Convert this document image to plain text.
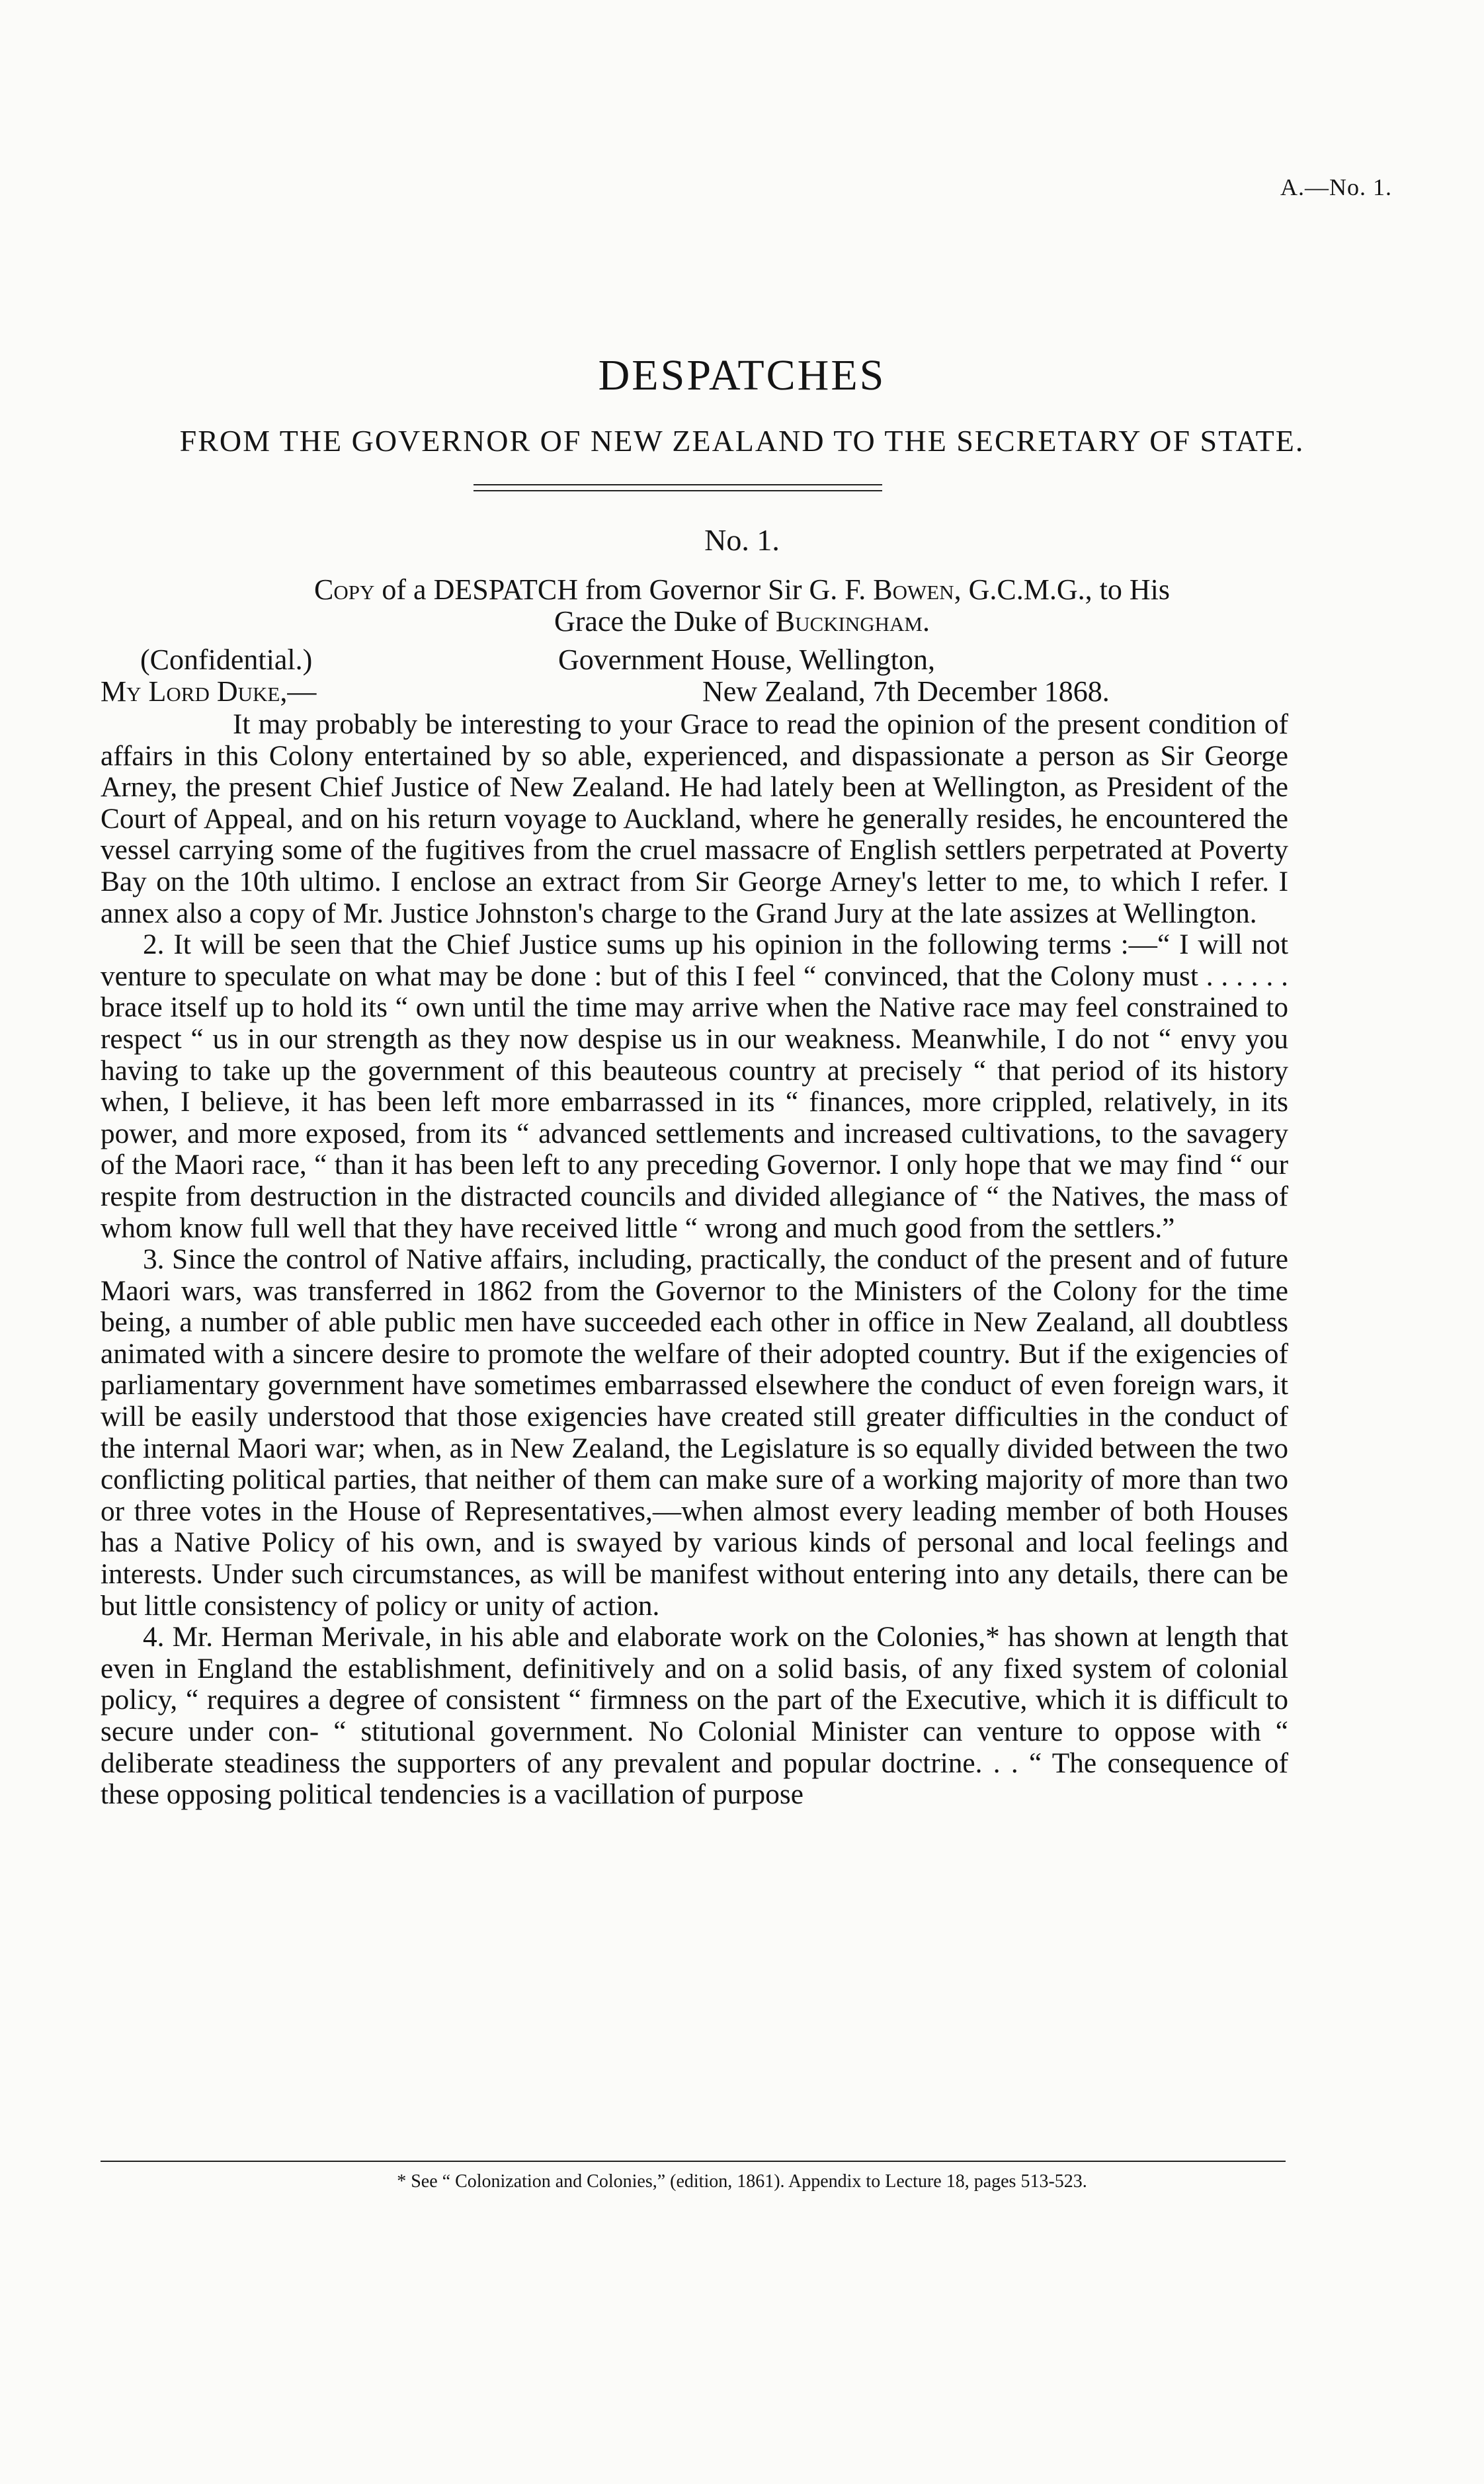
A.—No. 1.
DESPATCHES
FROM THE GOVERNOR OF NEW ZEALAND TO THE SECRETARY OF STATE.
No. 1.
Copy of a DESPATCH from Governor Sir G. F. Bowen, G.C.M.G., to His
Grace the Duke of Buckingham.
(Confidential.)	Government House, Wellington,
My Lord Duke,—	New Zealand, 7th December 1868.

It may probably be interesting to your Grace to read the opinion of the present condition of affairs in this Colony entertained by so able, experienced, and dispassionate a person as Sir George Arney, the present Chief Justice of New Zealand. He had lately been at Wellington, as President of the Court of Appeal, and on his return voyage to Auckland, where he generally resides, he encountered the vessel carrying some of the fugitives from the cruel massacre of English settlers perpetrated at Poverty Bay on the 10th ultimo. I enclose an extract from Sir George Arney's letter to me, to which I refer. I annex also a copy of Mr. Justice Johnston's charge to the Grand Jury at the late assizes at Wellington.

2. It will be seen that the Chief Justice sums up his opinion in the following terms :—“ I will not venture to speculate on what may be done : but of this I feel “ convinced, that the Colony must . . . . . . brace itself up to hold its “ own until the time may arrive when the Native race may feel constrained to respect “ us in our strength as they now despise us in our weakness. Meanwhile, I do not “ envy you having to take up the government of this beauteous country at precisely “ that period of its history when, I believe, it has been left more embarrassed in its “ finances, more crippled, relatively, in its power, and more exposed, from its “ advanced settlements and increased cultivations, to the savagery of the Maori race, “ than it has been left to any preceding Governor. I only hope that we may find “ our respite from destruction in the distracted councils and divided allegiance of “ the Natives, the mass of whom know full well that they have received little “ wrong and much good from the settlers.”

3. Since the control of Native affairs, including, practically, the conduct of the present and of future Maori wars, was transferred in 1862 from the Governor to the Ministers of the Colony for the time being, a number of able public men have succeeded each other in office in New Zealand, all doubtless animated with a sincere desire to promote the welfare of their adopted country. But if the exigencies of parliamentary government have sometimes embarrassed elsewhere the conduct of even foreign wars, it will be easily understood that those exigencies have created still greater difficulties in the conduct of the internal Maori war; when, as in New Zealand, the Legislature is so equally divided between the two conflicting political parties, that neither of them can make sure of a working majority of more than two or three votes in the House of Representatives,—when almost every leading member of both Houses has a Native Policy of his own, and is swayed by various kinds of personal and local feelings and interests. Under such circumstances, as will be manifest without entering into any details, there can be but little consistency of policy or unity of action.

4. Mr. Herman Merivale, in his able and elaborate work on the Colonies,* has shown at length that even in England the establishment, definitively and on a solid basis, of any fixed system of colonial policy, “ requires a degree of consistent “ firmness on the part of the Executive, which it is difficult to secure under con- “ stitutional government. No Colonial Minister can venture to oppose with “ deliberate steadiness the supporters of any prevalent and popular doctrine. . . “ The consequence of these opposing political tendencies is a vacillation of purpose

* See “ Colonization and Colonies,” (edition, 1861). Appendix to Lecture 18, pages 513-523.
